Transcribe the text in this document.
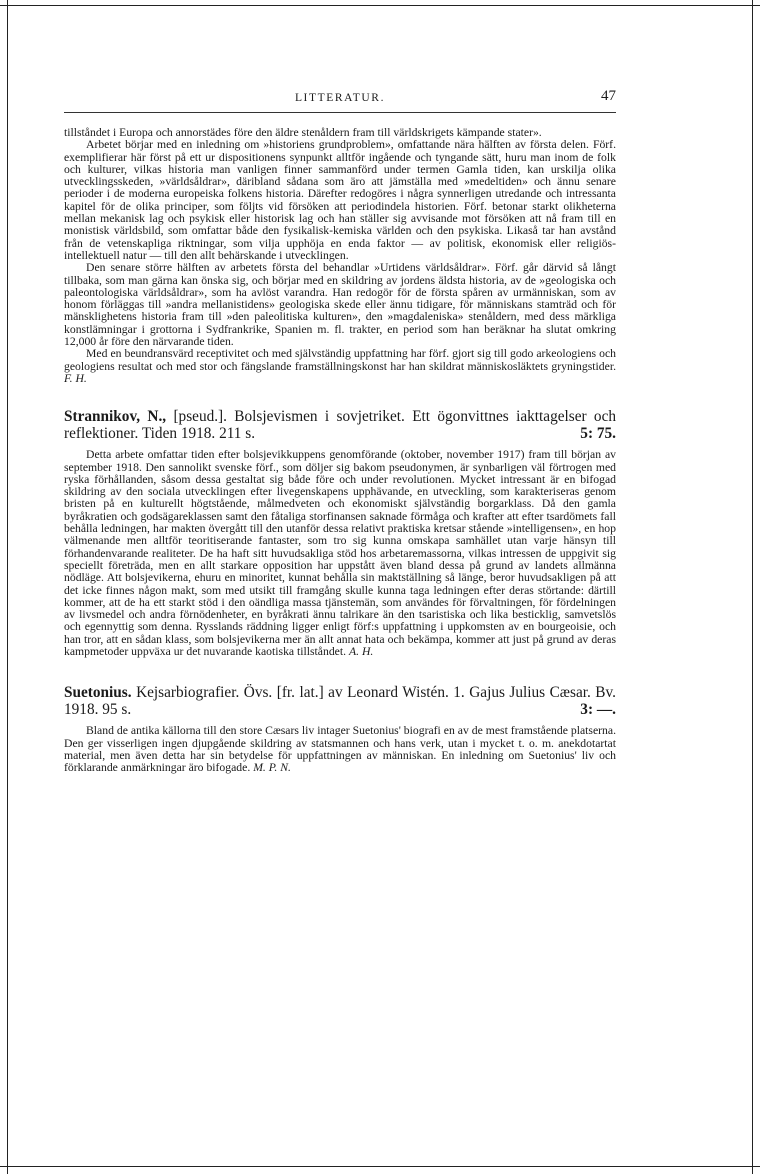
LITTERATUR.	47

tillståndet i Europa och annorstädes före den äldre stenåldern fram till världskrigets kämpande stater».

Arbetet börjar med en inledning om »historiens grundproblem», omfattande nära hälften av första delen. Förf. exemplifierar här först på ett ur dispositionens synpunkt alltför ingående och tyngande sätt, huru man inom de folk och kulturer, vilkas historia man vanligen finner sammanförd under termen Gamla tiden, kan urskilja olika utvecklingsskeden, »världsåldrar», däribland sådana som äro att jämställa med »medeltiden» och ännu senare perioder i de moderna europeiska folkens historia. Därefter redogöres i några synnerligen utredande och intressanta kapitel för de olika principer, som följts vid försöken att periodindela historien. Förf. betonar starkt olikheterna mellan mekanisk lag och psykisk eller historisk lag och han ställer sig avvisande mot försöken att nå fram till en monistisk världsbild, som omfattar både den fysikalisk-kemiska världen och den psykiska. Likaså tar han avstånd från de vetenskapliga riktningar, som vilja upphöja en enda faktor — av politisk, ekonomisk eller religiös-intellektuell natur — till den allt behärskande i utvecklingen.

Den senare större hälften av arbetets första del behandlar »Urtidens världsåldrar». Förf. går därvid så långt tillbaka, som man gärna kan önska sig, och börjar med en skildring av jordens äldsta historia, av de »geologiska och paleontologiska världsåldrar», som ha avlöst varandra. Han redogör för de första spåren av urmänniskan, som av honom förläggas till »andra mellanistidens» geologiska skede eller ännu tidigare, för människans stamträd och för mänsklighetens historia fram till »den paleolitiska kulturen», den »magdaleniska» stenåldern, med dess märkliga konstlämningar i grottorna i Sydfrankrike, Spanien m. fl. trakter, en period som han beräknar ha slutat omkring 12,000 år före den närvarande tiden.

Med en beundransvärd receptivitet och med självständig uppfattning har förf. gjort sig till godo arkeologiens och geologiens resultat och med stor och fängslande framställningskonst har han skildrat människosläktets gryningstider. F. H.

Strannikov, N., [pseud.]. Bolsjevismen i sovjetriket. Ett ögonvittnes iakttagelser och reflektioner. Tiden 1918. 211 s.	5: 75.

Detta arbete omfattar tiden efter bolsjevikkuppens genomförande (oktober, november 1917) fram till början av september 1918. Den sannolikt svenske förf., som döljer sig bakom pseudonymen, är synbarligen väl förtrogen med ryska förhållanden, såsom dessa gestaltat sig både före och under revolutionen. Mycket intressant är en bifogad skildring av den sociala utvecklingen efter livegenskapens upphävande, en utveckling, som karakteriseras genom bristen på en kulturellt högtstående, målmedveten och ekonomiskt självständig borgarklass. Då den gamla byråkratien och godsägareklassen samt den fåtaliga storfinansen saknade förmåga och krafter att efter tsardömets fall behålla ledningen, har makten övergått till den utanför dessa relativt praktiska kretsar stående »intelligensen», en hop välmenande men alltför teoritiserande fantaster, som tro sig kunna omskapa samhället utan varje hänsyn till förhandenvarande realiteter. De ha haft sitt huvudsakliga stöd hos arbetaremassorna, vilkas intressen de uppgivit sig speciellt företräda, men en allt starkare opposition har uppstått även bland dessa på grund av landets allmänna nödläge. Att bolsjevikerna, ehuru en minoritet, kunnat behålla sin maktställning så länge, beror huvudsakligen på att det icke finnes någon makt, som med utsikt till framgång skulle kunna taga ledningen efter deras störtande: därtill kommer, att de ha ett starkt stöd i den oändliga massa tjänstemän, som användes för förvaltningen, för fördelningen av livsmedel och andra förnödenheter, en byråkrati ännu talrikare än den tsaristiska och lika besticklig, samvetslös och egennyttig som denna. Rysslands räddning ligger enligt förf:s uppfattning i uppkomsten av en bourgeoisie, och han tror, att en sådan klass, som bolsjevikerna mer än allt annat hata och bekämpa, kommer att just på grund av deras kampmetoder uppväxa ur det nuvarande kaotiska tillståndet. A. H.

Suetonius. Kejsarbiografier. Övs. [fr. lat.] av Leonard Wistén. 1. Gajus Julius Cæsar. Bv. 1918. 95 s.	3: —.

Bland de antika källorna till den store Cæsars liv intager Suetonius' biografi en av de mest framstående platserna. Den ger visserligen ingen djupgående skildring av statsmannen och hans verk, utan i mycket t. o. m. anekdotartat material, men även detta har sin betydelse för uppfattningen av människan. En inledning om Suetonius' liv och förklarande anmärkningar äro bifogade. M. P. N.
